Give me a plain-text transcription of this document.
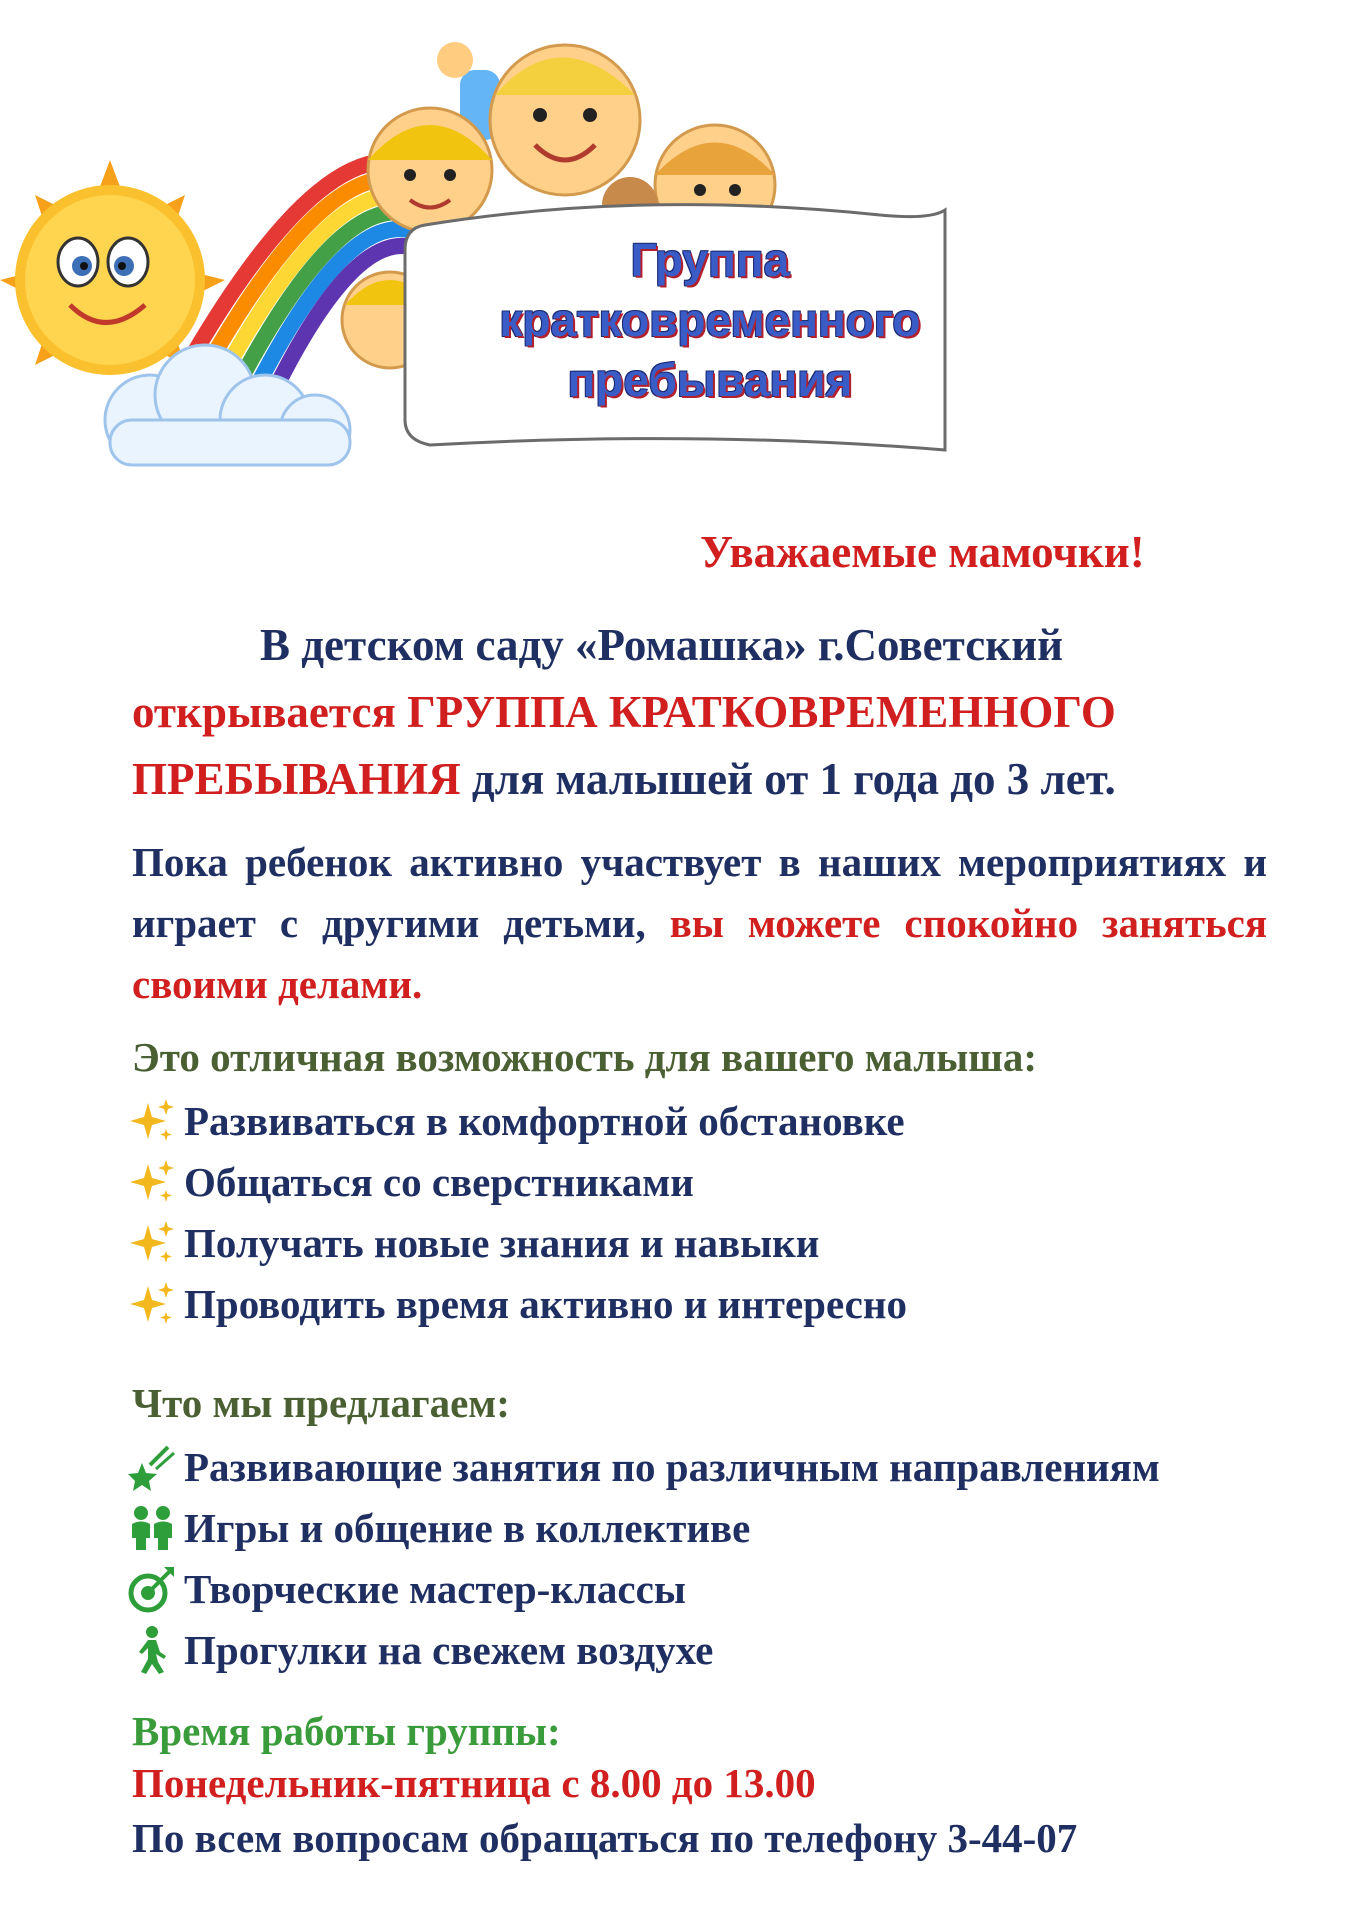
Группа
кратковременного
пребывания
Уважаемые мамочки!
В детском саду «Ромашка» г.Советский
открывается ГРУППА КРАТКОВРЕМЕННОГО ПРЕБЫВАНИЯ для малышей от 1 года до 3 лет.
Пока ребенок активно участвует в наших мероприятиях и играет с другими детьми, вы можете спокойно заняться своими делами.
Это отличная возможность для вашего малыша:
Развиваться в комфортной обстановке
Общаться со сверстниками
Получать новые знания и навыки
Проводить время активно и интересно
Что мы предлагаем:
Развивающие занятия по различным направлениям
Игры и общение в коллективе
Творческие мастер-классы
Прогулки на свежем воздухе
Время работы группы:
Понедельник-пятница с 8.00 до 13.00
По всем вопросам обращаться по телефону 3-44-07
